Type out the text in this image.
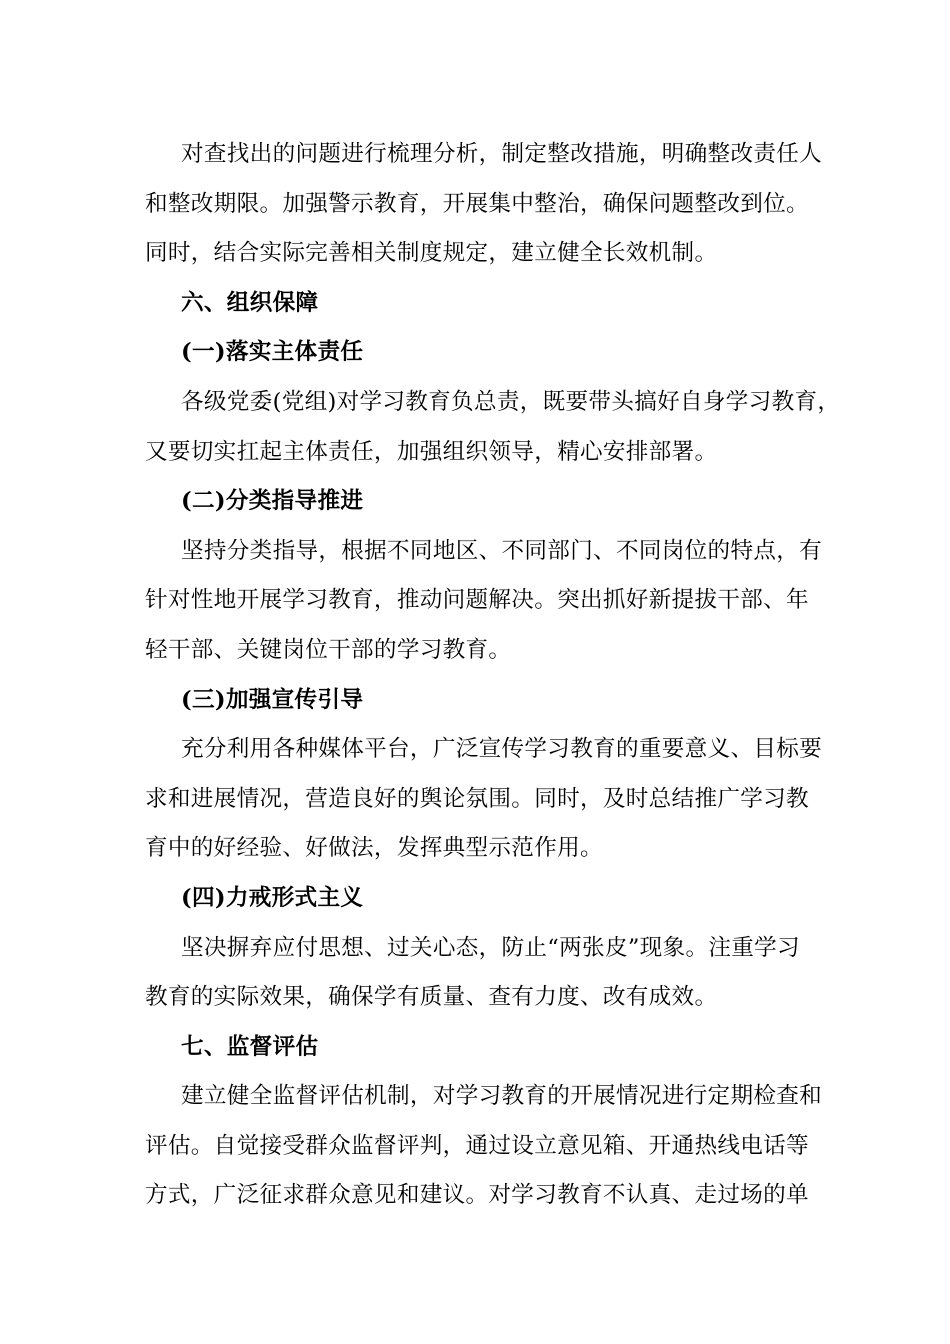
对查找出的问题进行梳理分析，制定整改措施，明确整改责任人
和整改期限。加强警示教育，开展集中整治，确保问题整改到位。
同时，结合实际完善相关制度规定，建立健全长效机制。
六、组织保障
(一)落实主体责任
各级党委(党组)对学习教育负总责，既要带头搞好自身学习教育，
又要切实扛起主体责任，加强组织领导，精心安排部署。
(二)分类指导推进
坚持分类指导，根据不同地区、不同部门、不同岗位的特点，有
针对性地开展学习教育，推动问题解决。突出抓好新提拔干部、年
轻干部、关键岗位干部的学习教育。
(三)加强宣传引导
充分利用各种媒体平台，广泛宣传学习教育的重要意义、目标要
求和进展情况，营造良好的舆论氛围。同时，及时总结推广学习教
育中的好经验、好做法，发挥典型示范作用。
(四)力戒形式主义
坚决摒弃应付思想、过关心态，防止“两张皮”现象。注重学习
教育的实际效果，确保学有质量、查有力度、改有成效。
七、监督评估
建立健全监督评估机制，对学习教育的开展情况进行定期检查和
评估。自觉接受群众监督评判，通过设立意见箱、开通热线电话等
方式，广泛征求群众意见和建议。对学习教育不认真、走过场的单
